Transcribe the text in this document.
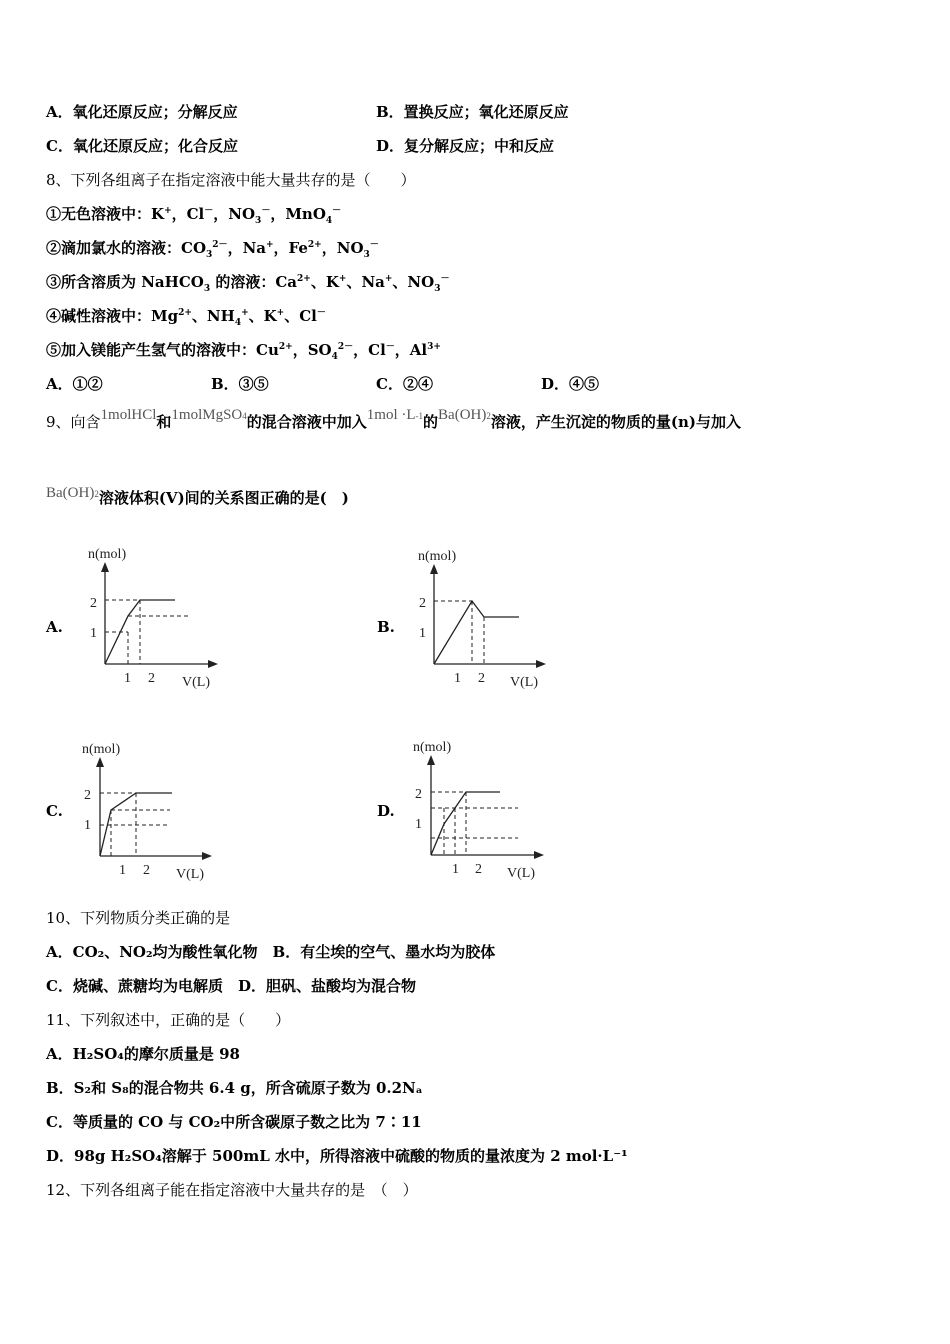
A．氧化还原反应；分解反应	B．置换反应；氧化还原反应
C．氧化还原反应；化合反应	D．复分解反应；中和反应
8、下列各组离子在指定溶液中能大量共存的是（　　）
①无色溶液中：K+，Cl－，$NO_3^-$，MnO$_4$－
②滴加氯水的溶液：$CO_3^{2-}$，Na+，$Fe^{2+}$，$NO_3^-$
③所含溶质为 NaHCO$_3$ 的溶液：$Ca^{2+}$、K+、Na+、$NO_3^-$
④碱性溶液中：$Mg^{2+}$、$NH_4^+$、K+、Cl－
⑤加入镁能产生氢气的溶液中：$Cu^{2+}$，$SO_4^{2-}$，Cl－，$Al^{3+}$
A．①②	B．③⑤	C．②④	D．④⑤
9、向含1molHCl和1molMgSO4的混合溶液中加入1mol ·L-1的Ba(OH)2溶液，产生沉淀的物质的量(n)与加入
Ba(OH)2溶液体积(V)间的关系图正确的是(　)
A.	B.
C.	D.
n(mol)
2
1
1 2 V(L)
n(mol)
2
1
1 2 V(L)
n(mol)
2
1
1 2 V(L)
n(mol)
2
1
1 2 V(L)
10、下列物质分类正确的是
A．CO₂、NO₂均为酸性氧化物　B．有尘埃的空气、墨水均为胶体
C．烧碱、蔗糖均为电解质　D．胆矾、盐酸均为混合物
11、下列叙述中，正确的是（　　）
A．H₂SO₄的摩尔质量是 98
B．S₂和 S₈的混合物共 6.4 g，所含硫原子数为 0.2Nₐ
C．等质量的 CO 与 CO₂中所含碳原子数之比为 7∶11
D．98g H₂SO₄溶解于 500mL 水中，所得溶液中硫酸的物质的量浓度为 2 mol·L⁻¹
12、下列各组离子能在指定溶液中大量共存的是　（　）
